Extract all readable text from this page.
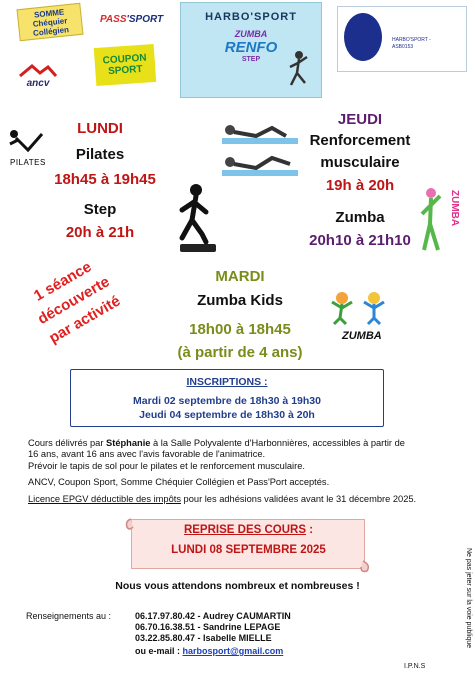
SOMME
Chéquier
Collégien
PASS 'SPORT
ancv
COUPON
SPORT
HARBO'SPORT
ZUMBA
RENFO
STEP
HARBO'SPORT -
ASB0153
PILATES
LUNDI
Pilates
18h45 à 19h45
Step
20h à 21h
JEUDI
Renforcement
musculaire
19h à 20h
Zumba
20h10 à 21h10
ZUMBA
1 séance
découverte
par activité
MARDI
Zumba Kids
18h00 à 18h45
(à partir de 4 ans)
ZUMBA
INSCRIPTIONS :
Mardi 02 septembre de 18h30 à 19h30
Jeudi 04 septembre de 18h30 à 20h
Cours délivrés par Stéphanie à la Salle Polyvalente d'Harbonnières, accessibles à partir de
16 ans, avant 16 ans avec l'avis favorable de l'animatrice.
Prévoir le tapis de sol pour le pilates et le renforcement musculaire.
ANCV, Coupon Sport, Somme Chéquier Collégien et Pass'Port acceptés.
Licence EPGV déductible des impôts pour les adhésions validées avant le 31 décembre 2025.
REPRISE DES COURS :
LUNDI 08 SEPTEMBRE 2025
Nous vous attendons nombreux et nombreuses !
Renseignements au :	06.17.97.80.42 - Audrey CAUMARTIN
06.70.16.38.51 - Sandrine LEPAGE
03.22.85.80.47 - Isabelle MIELLE
ou e-mail : harbosport@gmail.com
Ne pas jeter sur la voie publique
I.P.N.S
